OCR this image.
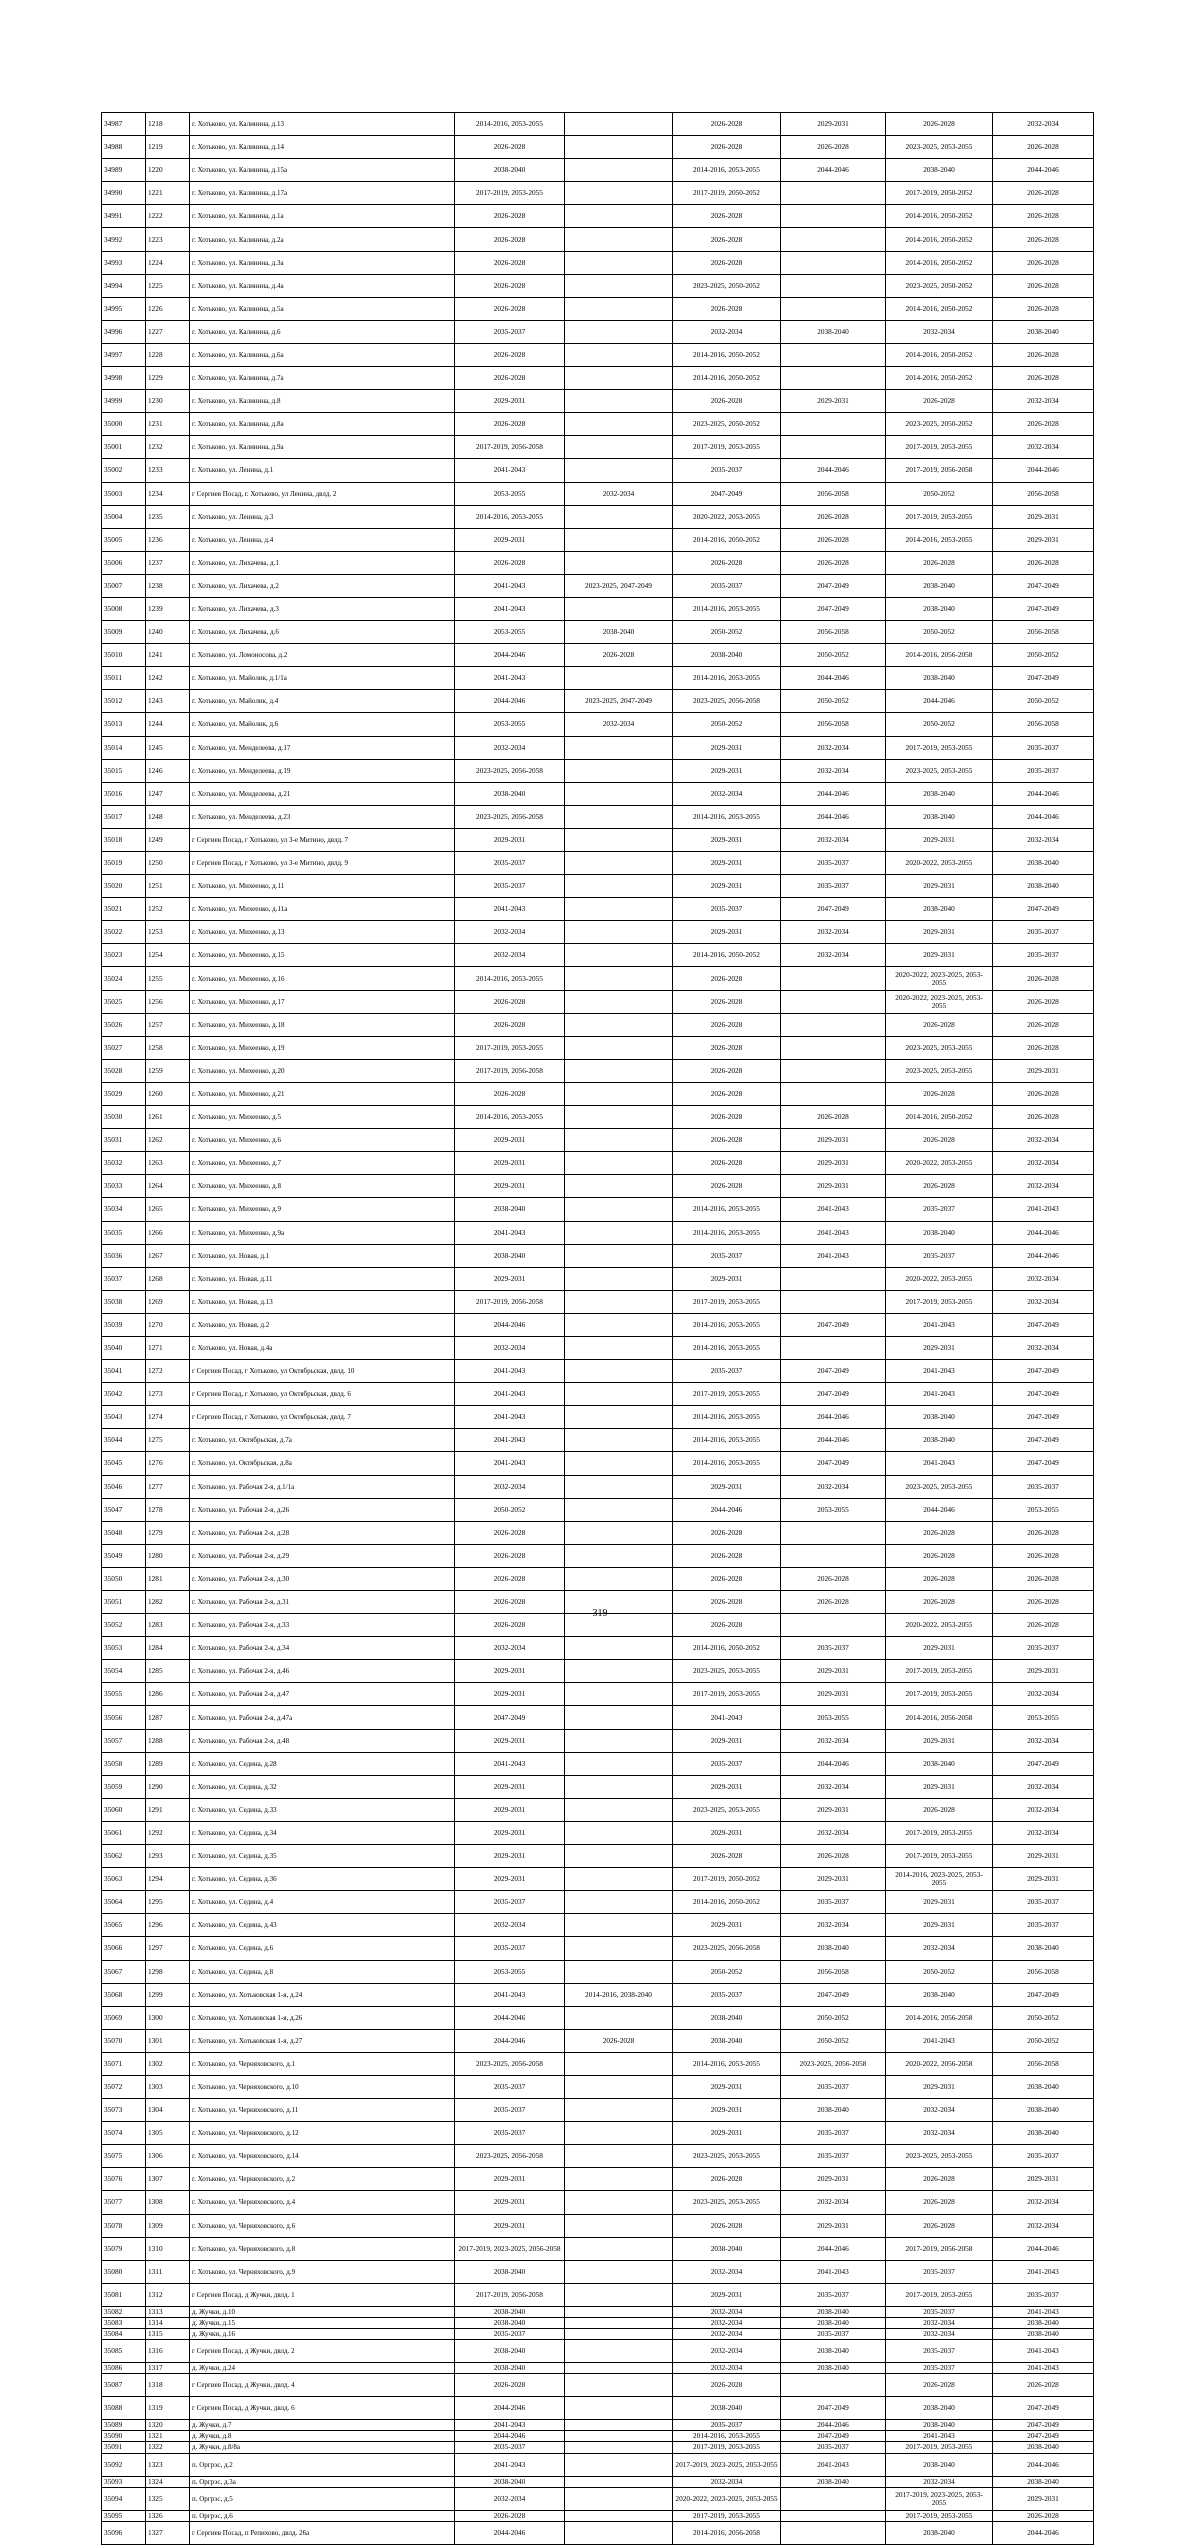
34987	1218	г. Хотьково, ул. Калинина, д.13	2014-2016, 2053-2055		2026-2028	2029-2031	2026-2028	2032-2034
34988	1219	г. Хотьково, ул. Калинина, д.14	2026-2028		2026-2028	2026-2028	2023-2025, 2053-2055	2026-2028
34989	1220	г. Хотьково, ул. Калинина, д.15а	2038-2040		2014-2016, 2053-2055	2044-2046	2038-2040	2044-2046
34990	1221	г. Хотьково, ул. Калинина, д.17а	2017-2019, 2053-2055		2017-2019, 2050-2052		2017-2019, 2050-2052	2026-2028
34991	1222	г. Хотьково, ул. Калинина, д.1а	2026-2028		2026-2028		2014-2016, 2050-2052	2026-2028
34992	1223	г. Хотьково, ул. Калинина, д.2а	2026-2028		2026-2028		2014-2016, 2050-2052	2026-2028
34993	1224	г. Хотьково, ул. Калинина, д.3а	2026-2028		2026-2028		2014-2016, 2050-2052	2026-2028
34994	1225	г. Хотьково, ул. Калинина, д.4а	2026-2028		2023-2025, 2050-2052		2023-2025, 2050-2052	2026-2028
34995	1226	г. Хотьково, ул. Калинина, д.5а	2026-2028		2026-2028		2014-2016, 2050-2052	2026-2028
34996	1227	г. Хотьково, ул. Калинина, д.6	2035-2037		2032-2034	2038-2040	2032-2034	2038-2040
34997	1228	г. Хотьково, ул. Калинина, д.6а	2026-2028		2014-2016, 2050-2052		2014-2016, 2050-2052	2026-2028
34998	1229	г. Хотьково, ул. Калинина, д.7а	2026-2028		2014-2016, 2050-2052		2014-2016, 2050-2052	2026-2028
34999	1230	г. Хотьково, ул. Калинина, д.8	2029-2031		2026-2028	2029-2031	2026-2028	2032-2034
35000	1231	г. Хотьково, ул. Калинина, д.8а	2026-2028		2023-2025, 2050-2052		2023-2025, 2050-2052	2026-2028
35001	1232	г. Хотьково, ул. Калинина, д.9а	2017-2019, 2056-2058		2017-2019, 2053-2055		2017-2019, 2053-2055	2032-2034
35002	1233	г. Хотьково, ул. Ленина, д.1	2041-2043		2035-2037	2044-2046	2017-2019, 2056-2058	2044-2046
35003	1234	г Сергиев Посад, г. Хотьково, ул Ленина, двлд. 2	2053-2055	2032-2034	2047-2049	2056-2058	2050-2052	2056-2058
35004	1235	г. Хотьково, ул. Ленина, д.3	2014-2016, 2053-2055		2020-2022, 2053-2055	2026-2028	2017-2019, 2053-2055	2029-2031
35005	1236	г. Хотьково, ул. Ленина, д.4	2029-2031		2014-2016, 2050-2052	2026-2028	2014-2016, 2053-2055	2029-2031
35006	1237	г. Хотьково, ул. Лихачева, д.1	2026-2028		2026-2028	2026-2028	2026-2028	2026-2028
35007	1238	г. Хотьково, ул. Лихачева, д.2	2041-2043	2023-2025, 2047-2049	2035-2037	2047-2049	2038-2040	2047-2049
35008	1239	г. Хотьково, ул. Лихачева, д.3	2041-2043		2014-2016, 2053-2055	2047-2049	2038-2040	2047-2049
35009	1240	г. Хотьково, ул. Лихачева, д.6	2053-2055	2038-2040	2050-2052	2056-2058	2050-2052	2056-2058
35010	1241	г. Хотьково, ул. Ломоносова, д.2	2044-2046	2026-2028	2038-2040	2050-2052	2014-2016, 2056-2058	2050-2052
35011	1242	г. Хотьково, ул. Майолик, д.1/1а	2041-2043		2014-2016, 2053-2055	2044-2046	2038-2040	2047-2049
35012	1243	г. Хотьково, ул. Майолик, д.4	2044-2046	2023-2025, 2047-2049	2023-2025, 2056-2058	2050-2052	2044-2046	2050-2052
35013	1244	г. Хотьково, ул. Майолик, д.6	2053-2055	2032-2034	2050-2052	2056-2058	2050-2052	2056-2058
35014	1245	г. Хотьково, ул. Менделеева, д.17	2032-2034		2029-2031	2032-2034	2017-2019, 2053-2055	2035-2037
35015	1246	г. Хотьково, ул. Менделеева, д.19	2023-2025, 2056-2058		2029-2031	2032-2034	2023-2025, 2053-2055	2035-2037
35016	1247	г. Хотьково, ул. Менделеева, д.21	2038-2040		2032-2034	2044-2046	2038-2040	2044-2046
35017	1248	г. Хотьково, ул. Менделеева, д.23	2023-2025, 2056-2058		2014-2016, 2053-2055	2044-2046	2038-2040	2044-2046
35018	1249	г Сергиев Посад, г Хотьково, ул 3-е Митино, двлд. 7	2029-2031		2029-2031	2032-2034	2029-2031	2032-2034
35019	1250	г Сергиев Посад, г Хотьково, ул 3-е Митино, двлд. 9	2035-2037		2029-2031	2035-2037	2020-2022, 2053-2055	2038-2040
35020	1251	г. Хотьково, ул. Михеенко, д.11	2035-2037		2029-2031	2035-2037	2029-2031	2038-2040
35021	1252	г. Хотьково, ул. Михеенко, д.11а	2041-2043		2035-2037	2047-2049	2038-2040	2047-2049
35022	1253	г. Хотьково, ул. Михеенко, д.13	2032-2034		2029-2031	2032-2034	2029-2031	2035-2037
35023	1254	г. Хотьково, ул. Михеенко, д.15	2032-2034		2014-2016, 2050-2052	2032-2034	2029-2031	2035-2037
35024	1255	г. Хотьково, ул. Михеенко, д.16	2014-2016, 2053-2055		2026-2028		2020-2022, 2023-2025, 2053-2055	2026-2028
35025	1256	г. Хотьково, ул. Михеенко, д.17	2026-2028		2026-2028		2020-2022, 2023-2025, 2053-2055	2026-2028
35026	1257	г. Хотьково, ул. Михеенко, д.18	2026-2028		2026-2028		2026-2028	2026-2028
35027	1258	г. Хотьково, ул. Михеенко, д.19	2017-2019, 2053-2055		2026-2028		2023-2025, 2053-2055	2026-2028
35028	1259	г. Хотьково, ул. Михеенко, д.20	2017-2019, 2056-2058		2026-2028		2023-2025, 2053-2055	2029-2031
35029	1260	г. Хотьково, ул. Михеенко, д.21	2026-2028		2026-2028		2026-2028	2026-2028
35030	1261	г. Хотьково, ул. Михеенко, д.5	2014-2016, 2053-2055		2026-2028	2026-2028	2014-2016, 2050-2052	2026-2028
35031	1262	г. Хотьково, ул. Михеенко, д.6	2029-2031		2026-2028	2029-2031	2026-2028	2032-2034
35032	1263	г. Хотьково, ул. Михеенко, д.7	2029-2031		2026-2028	2029-2031	2020-2022, 2053-2055	2032-2034
35033	1264	г. Хотьково, ул. Михеенко, д.8	2029-2031		2026-2028	2029-2031	2026-2028	2032-2034
35034	1265	г. Хотьково, ул. Михеенко, д.9	2038-2040		2014-2016, 2053-2055	2041-2043	2035-2037	2041-2043
35035	1266	г. Хотьково, ул. Михеенко, д.9а	2041-2043		2014-2016, 2053-2055	2041-2043	2038-2040	2044-2046
35036	1267	г. Хотьково, ул. Новая, д.1	2038-2040		2035-2037	2041-2043	2035-2037	2044-2046
35037	1268	г. Хотьково, ул. Новая, д.11	2029-2031		2029-2031		2020-2022, 2053-2055	2032-2034
35038	1269	г. Хотьково, ул. Новая, д.13	2017-2019, 2056-2058		2017-2019, 2053-2055		2017-2019, 2053-2055	2032-2034
35039	1270	г. Хотьково, ул. Новая, д.2	2044-2046		2014-2016, 2053-2055	2047-2049	2041-2043	2047-2049
35040	1271	г. Хотьково, ул. Новая, д.4а	2032-2034		2014-2016, 2053-2055		2029-2031	2032-2034
35041	1272	г Сергиев Посад, г Хотьково, ул Октябрьская, двлд. 10	2041-2043		2035-2037	2047-2049	2041-2043	2047-2049
35042	1273	г Сергиев Посад, г Хотьково, ул Октябрьская, двлд. 6	2041-2043		2017-2019, 2053-2055	2047-2049	2041-2043	2047-2049
35043	1274	г Сергиев Посад, г Хотьково, ул Октябрьская, двлд. 7	2041-2043		2014-2016, 2053-2055	2044-2046	2038-2040	2047-2049
35044	1275	г. Хотьково, ул. Октябрьская, д.7а	2041-2043		2014-2016, 2053-2055	2044-2046	2038-2040	2047-2049
35045	1276	г. Хотьково, ул. Октябрьская, д.8а	2041-2043		2014-2016, 2053-2055	2047-2049	2041-2043	2047-2049
35046	1277	г. Хотьково, ул. Рабочая 2-я, д.1/1а	2032-2034		2029-2031	2032-2034	2023-2025, 2053-2055	2035-2037
35047	1278	г. Хотьково, ул. Рабочая 2-я, д.26	2050-2052		2044-2046	2053-2055	2044-2046	2053-2055
35048	1279	г. Хотьково, ул. Рабочая 2-я, д.28	2026-2028		2026-2028		2026-2028	2026-2028
35049	1280	г. Хотьково, ул. Рабочая 2-я, д.29	2026-2028		2026-2028		2026-2028	2026-2028
35050	1281	г. Хотьково, ул. Рабочая 2-я, д.30	2026-2028		2026-2028	2026-2028	2026-2028	2026-2028
35051	1282	г. Хотьково, ул. Рабочая 2-я, д.31	2026-2028		2026-2028	2026-2028	2026-2028	2026-2028
35052	1283	г. Хотьково, ул. Рабочая 2-я, д.33	2026-2028		2026-2028		2020-2022, 2053-2055	2026-2028
35053	1284	г. Хотьково, ул. Рабочая 2-я, д.34	2032-2034		2014-2016, 2050-2052	2035-2037	2029-2031	2035-2037
35054	1285	г. Хотьково, ул. Рабочая 2-я, д.46	2029-2031		2023-2025, 2053-2055	2029-2031	2017-2019, 2053-2055	2029-2031
35055	1286	г. Хотьково, ул. Рабочая 2-я, д.47	2029-2031		2017-2019, 2053-2055	2029-2031	2017-2019, 2053-2055	2032-2034
35056	1287	г. Хотьково, ул. Рабочая 2-я, д.47а	2047-2049		2041-2043	2053-2055	2014-2016, 2056-2058	2053-2055
35057	1288	г. Хотьково, ул. Рабочая 2-я, д.48	2029-2031		2029-2031	2032-2034	2029-2031	2032-2034
35058	1289	г. Хотьково, ул. Седина, д.28	2041-2043		2035-2037	2044-2046	2038-2040	2047-2049
35059	1290	г. Хотьково, ул. Седина, д.32	2029-2031		2029-2031	2032-2034	2029-2031	2032-2034
35060	1291	г. Хотьково, ул. Седина, д.33	2029-2031		2023-2025, 2053-2055	2029-2031	2026-2028	2032-2034
35061	1292	г. Хотьково, ул. Седина, д.34	2029-2031		2029-2031	2032-2034	2017-2019, 2053-2055	2032-2034
35062	1293	г. Хотьково, ул. Седина, д.35	2029-2031		2026-2028	2026-2028	2017-2019, 2053-2055	2029-2031
35063	1294	г. Хотьково, ул. Седина, д.36	2029-2031		2017-2019, 2050-2052	2029-2031	2014-2016, 2023-2025, 2053-2055	2029-2031
35064	1295	г. Хотьково, ул. Седина, д.4	2035-2037		2014-2016, 2050-2052	2035-2037	2029-2031	2035-2037
35065	1296	г. Хотьково, ул. Седина, д.43	2032-2034		2029-2031	2032-2034	2029-2031	2035-2037
35066	1297	г. Хотьково, ул. Седина, д.6	2035-2037		2023-2025, 2056-2058	2038-2040	2032-2034	2038-2040
35067	1298	г. Хотьково, ул. Седина, д.8	2053-2055		2050-2052	2056-2058	2050-2052	2056-2058
35068	1299	г. Хотьково, ул. Хотьковская 1-я, д.24	2041-2043	2014-2016, 2038-2040	2035-2037	2047-2049	2038-2040	2047-2049
35069	1300	г. Хотьково, ул. Хотьковская 1-я, д.26	2044-2046		2038-2040	2050-2052	2014-2016, 2056-2058	2050-2052
35070	1301	г. Хотьково, ул. Хотьковская 1-я, д.27	2044-2046	2026-2028	2038-2040	2050-2052	2041-2043	2050-2052
35071	1302	г. Хотьково, ул. Черняховского, д.1	2023-2025, 2056-2058		2014-2016, 2053-2055	2023-2025, 2056-2058	2020-2022, 2056-2058	2056-2058
35072	1303	г. Хотьково, ул. Черняховского, д.10	2035-2037		2029-2031	2035-2037	2029-2031	2038-2040
35073	1304	г. Хотьково, ул. Черняховского, д.11	2035-2037		2029-2031	2038-2040	2032-2034	2038-2040
35074	1305	г. Хотьково, ул. Черняховского, д.12	2035-2037		2029-2031	2035-2037	2032-2034	2038-2040
35075	1306	г. Хотьково, ул. Черняховского, д.14	2023-2025, 2056-2058		2023-2025, 2053-2055	2035-2037	2023-2025, 2053-2055	2035-2037
35076	1307	г. Хотьково, ул. Черняховского, д.2	2029-2031		2026-2028	2029-2031	2026-2028	2029-2031
35077	1308	г. Хотьково, ул. Черняховского, д.4	2029-2031		2023-2025, 2053-2055	2032-2034	2026-2028	2032-2034
35078	1309	г. Хотьково, ул. Черняховского, д.6	2029-2031		2026-2028	2029-2031	2026-2028	2032-2034
35079	1310	г. Хотьково, ул. Черняховского, д.8	2017-2019, 2023-2025, 2056-2058		2038-2040	2044-2046	2017-2019, 2056-2058	2044-2046
35080	1311	г. Хотьково, ул. Черняховского, д.9	2038-2040		2032-2034	2041-2043	2035-2037	2041-2043
35081	1312	г Сергиев Посад, д Жучки, двлд. 1	2017-2019, 2056-2058		2029-2031	2035-2037	2017-2019, 2053-2055	2035-2037
35082	1313	д. Жучки, д.10	2038-2040		2032-2034	2038-2040	2035-2037	2041-2043
35083	1314	д. Жучки, д.15	2038-2040		2032-2034	2038-2040	2032-2034	2038-2040
35084	1315	д. Жучки, д.16	2035-2037		2032-2034	2035-2037	2032-2034	2038-2040
35085	1316	г Сергиев Посад, д Жучки, двлд. 2	2038-2040		2032-2034	2038-2040	2035-2037	2041-2043
35086	1317	д. Жучки, д.24	2038-2040		2032-2034	2038-2040	2035-2037	2041-2043
35087	1318	г Сергиев Посад, д Жучки, двлд. 4	2026-2028		2026-2028		2026-2028	2026-2028
35088	1319	г Сергиев Посад, д Жучки, двлд. 6	2044-2046		2038-2040	2047-2049	2038-2040	2047-2049
35089	1320	д. Жучки, д.7	2041-2043		2035-2037	2044-2046	2038-2040	2047-2049
35090	1321	д. Жучки, д.8	2044-2046		2014-2016, 2053-2055	2047-2049	2041-2043	2047-2049
35091	1322	д. Жучки, д.8/8а	2035-2037		2017-2019, 2053-2055	2035-2037	2017-2019, 2053-2055	2038-2040
35092	1323	п. Оргрэс, д.2	2041-2043		2017-2019, 2023-2025, 2053-2055	2041-2043	2038-2040	2044-2046
35093	1324	п. Оргрэс, д.3а	2038-2040		2032-2034	2038-2040	2032-2034	2038-2040
35094	1325	п. Оргрэс, д.5	2032-2034		2020-2022, 2023-2025, 2053-2055		2017-2019, 2023-2025, 2053-2055	2029-2031
35095	1326	п. Оргрэс, д.6	2026-2028		2017-2019, 2053-2055		2017-2019, 2053-2055	2026-2028
35096	1327	г Сергиев Посад, п Репихово, двлд. 26а	2044-2046		2014-2016, 2056-2058		2038-2040	2044-2046
319
